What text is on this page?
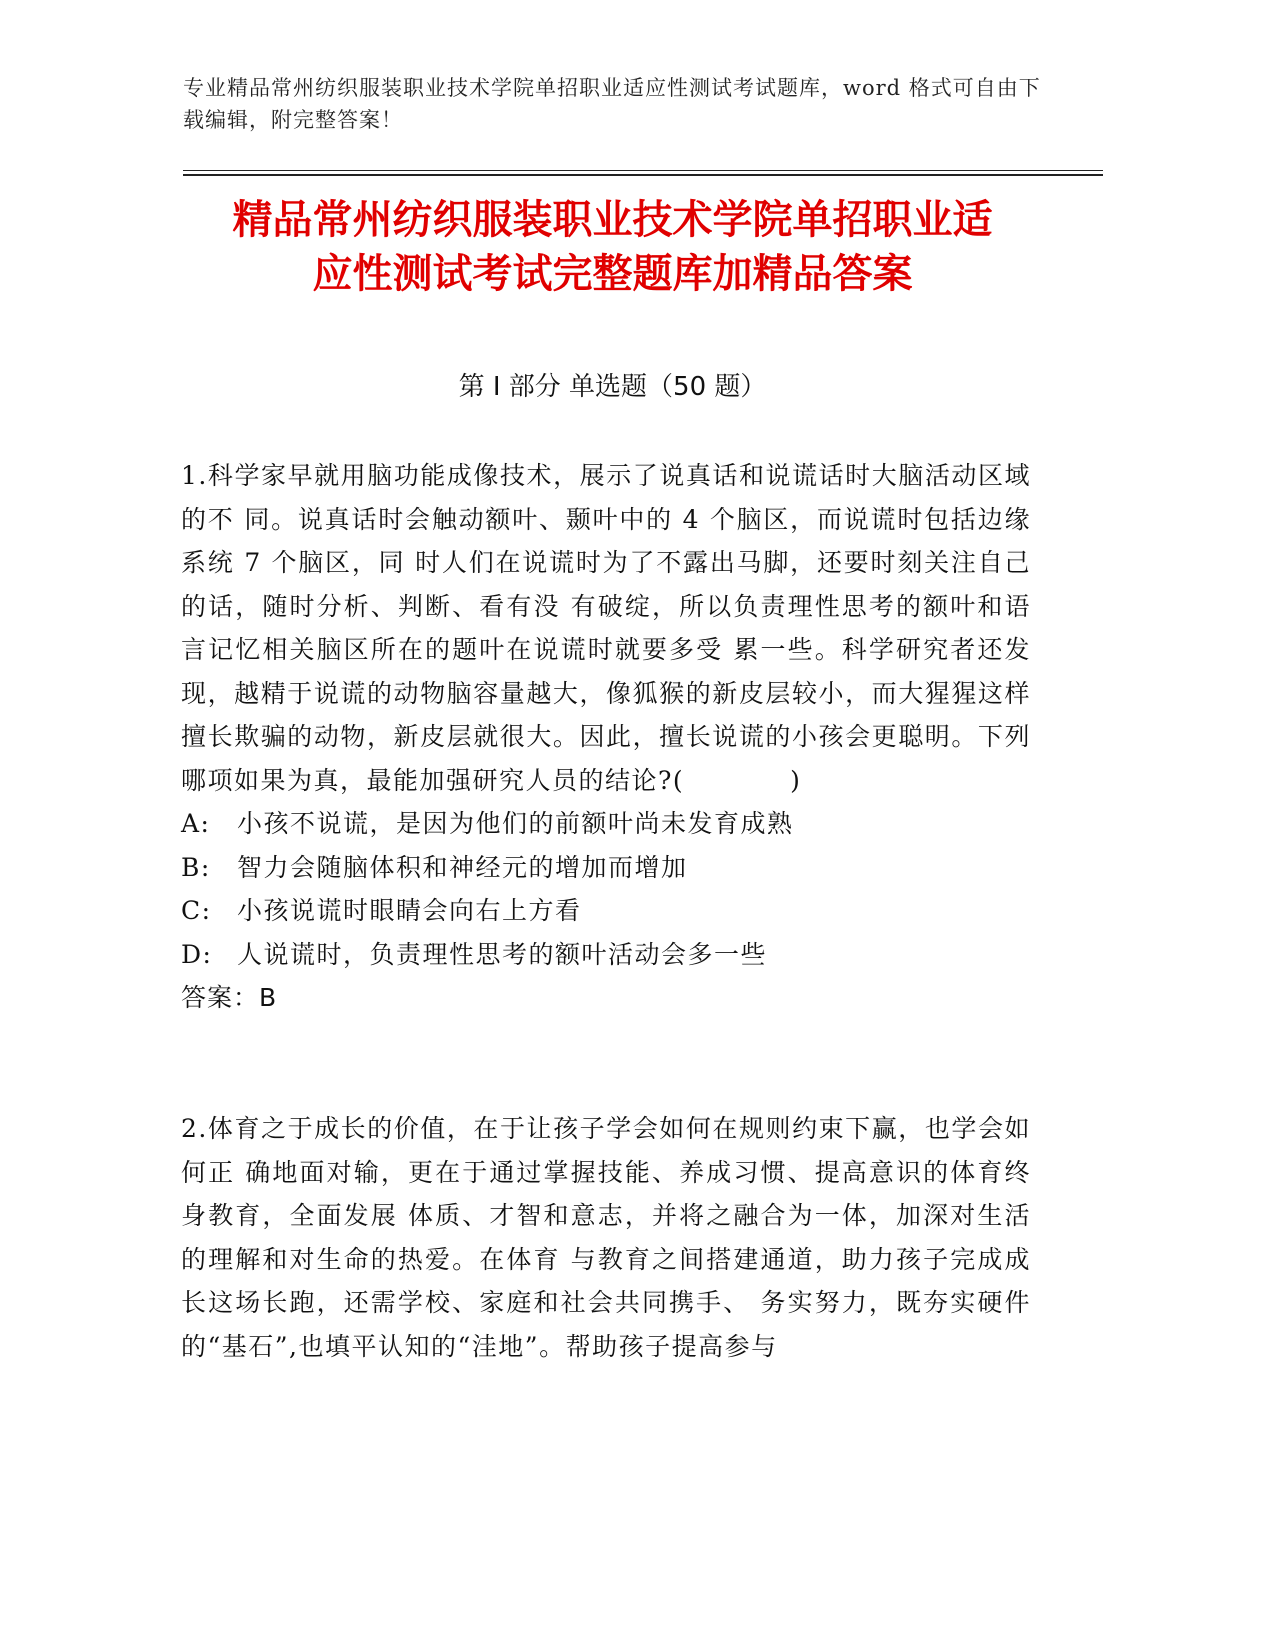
专业精品常州纺织服装职业技术学院单招职业适应性测试考试题库，word 格式可自由下载编辑，附完整答案！
精品常州纺织服装职业技术学院单招职业适
应性测试考试完整题库加精品答案
第 I 部分 单选题（50 题）
1.科学家早就用脑功能成像技术，展示了说真话和说谎话时大脑活动区域的不 同。说真话时会触动额叶、颞叶中的 4 个脑区，而说谎时包括边缘系统 7 个脑区，同 时人们在说谎时为了不露出马脚，还要时刻关注自己的话，随时分析、判断、看有没 有破绽，所以负责理性思考的额叶和语言记忆相关脑区所在的题叶在说谎时就要多受 累一些。科学研究者还发现，越精于说谎的动物脑容量越大，像狐猴的新皮层较小，而大猩猩这样擅长欺骗的动物，新皮层就很大。因此，擅长说谎的小孩会更聪明。下列哪项如果为真，最能加强研究人员的结论?(　　　　)
A:	小孩不说谎，是因为他们的前额叶尚未发育成熟
B:	智力会随脑体积和神经元的增加而增加
C:	小孩说谎时眼睛会向右上方看
D: 人说谎时，负责理性思考的额叶活动会多一些
答案：B
2.体育之于成长的价值，在于让孩子学会如何在规则约束下赢，也学会如何正 确地面对输，更在于通过掌握技能、养成习惯、提高意识的体育终身教育，全面发展 体质、才智和意志，并将之融合为一体，加深对生活的理解和对生命的热爱。在体育 与教育之间搭建通道，助力孩子完成成长这场长跑，还需学校、家庭和社会共同携手、 务实努力，既夯实硬件的“基石”,也填平认知的“洼地”。帮助孩子提高参与
